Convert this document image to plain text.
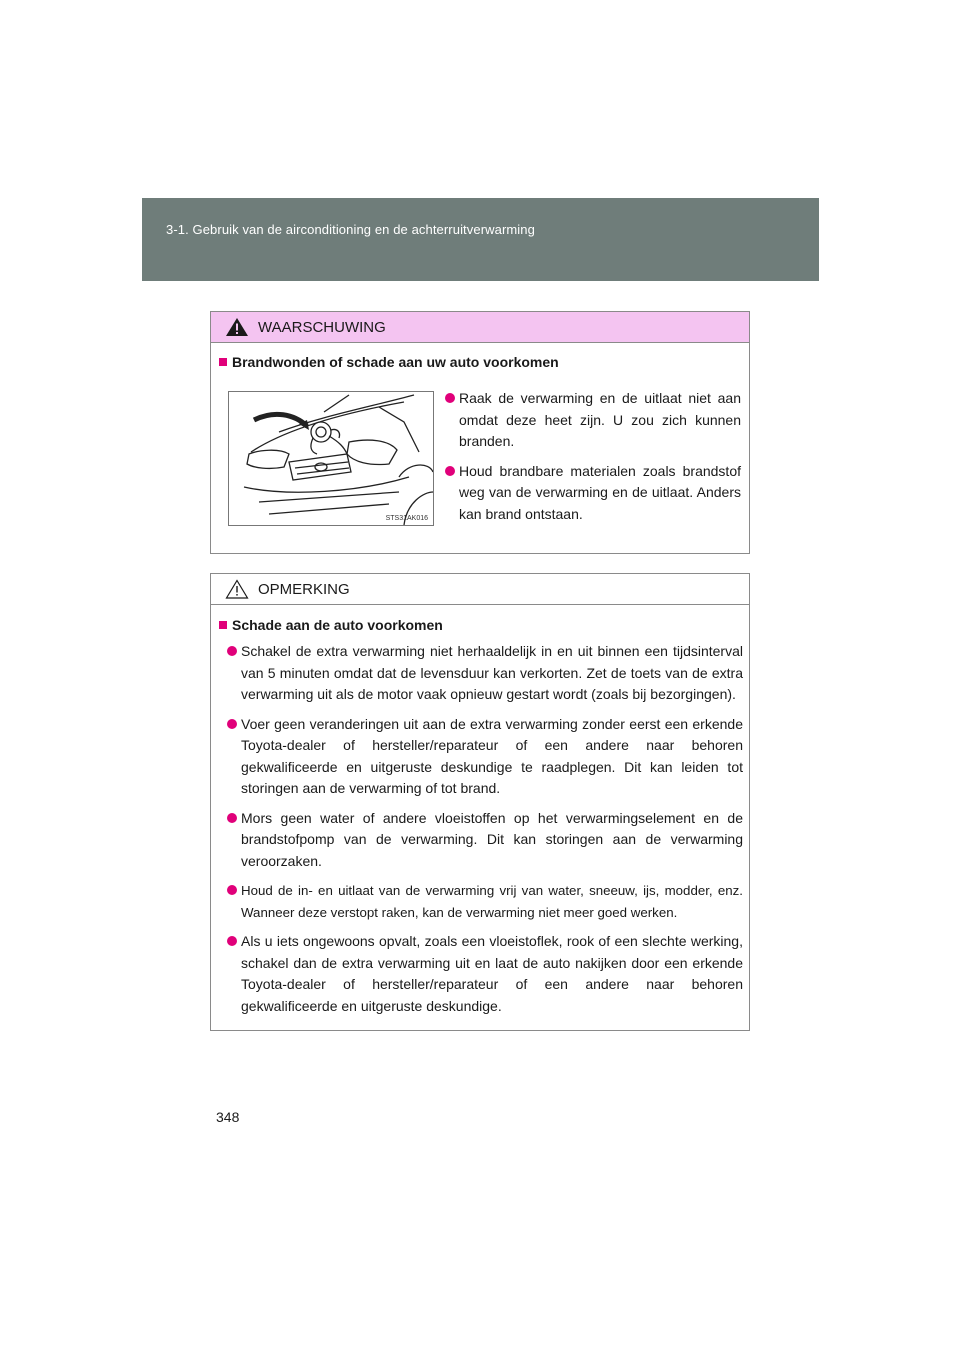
3-1. Gebruik van de airconditioning en de achterruitverwarming
WAARSCHUWING
Brandwonden of schade aan uw auto voorkomen
STS31AK016
Raak de verwarming en de uitlaat niet aan omdat deze heet zijn. U zou zich kunnen branden.
Houd brandbare materialen zoals brandstof weg van de verwarming en de uitlaat. Anders kan brand ontstaan.
OPMERKING
Schade aan de auto voorkomen
Schakel de extra verwarming niet herhaaldelijk in en uit binnen een tijdsinterval van 5 minuten omdat dat de levensduur kan verkorten. Zet de toets van de extra verwarming uit als de motor vaak opnieuw gestart wordt (zoals bij bezorgingen).
Voer geen veranderingen uit aan de extra verwarming zonder eerst een erkende Toyota-dealer of hersteller/reparateur of een andere naar behoren gekwalificeerde en uitgeruste deskundige te raadplegen. Dit kan leiden tot storingen aan de verwarming of tot brand.
Mors geen water of andere vloeistoffen op het verwarmingselement en de brandstofpomp van de verwarming. Dit kan storingen aan de verwarming veroorzaken.
Houd de in- en uitlaat van de verwarming vrij van water, sneeuw, ijs, modder, enz. Wanneer deze verstopt raken, kan de verwarming niet meer goed werken.
Als u iets ongewoons opvalt, zoals een vloeistoflek, rook of een slechte werking, schakel dan de extra verwarming uit en laat de auto nakijken door een erkende Toyota-dealer of hersteller/reparateur of een andere naar behoren gekwalificeerde en uitgeruste deskundige.
348
